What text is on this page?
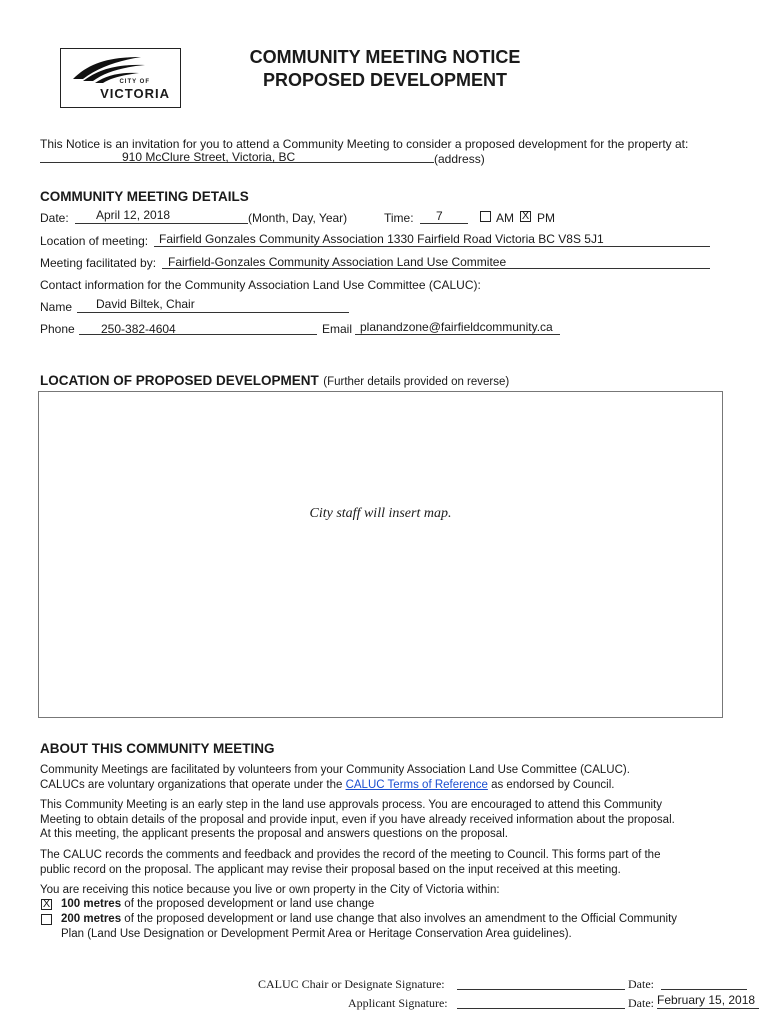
CITY OF
VICTORIA
COMMUNITY MEETING NOTICE
PROPOSED DEVELOPMENT
This Notice is an invitation for you to attend a Community Meeting to consider a proposed development for the property at:
910 McClure Street, Victoria, BC	(address)
COMMUNITY MEETING DETAILS
Date: April 12, 2018	(Month, Day, Year)	Time: 7	AM X PM
Location of meeting: Fairfield Gonzales Community Association 1330 Fairfield Road Victoria BC V8S 5J1
Meeting facilitated by: Fairfield-Gonzales Community Association Land Use Commitee
Contact information for the Community Association Land Use Committee (CALUC):
Name David Biltek, Chair
Phone 250-382-4604	Email planandzone@fairfieldcommunity.ca
LOCATION OF PROPOSED DEVELOPMENT (Further details provided on reverse)
City staff will insert map.
ABOUT THIS COMMUNITY MEETING
Community Meetings are facilitated by volunteers from your Community Association Land Use Committee (CALUC).
CALUCs are voluntary organizations that operate under the CALUC Terms of Reference as endorsed by Council.
This Community Meeting is an early step in the land use approvals process. You are encouraged to attend this Community
Meeting to obtain details of the proposal and provide input, even if you have already received information about the proposal.
At this meeting, the applicant presents the proposal and answers questions on the proposal.
The CALUC records the comments and feedback and provides the record of the meeting to Council. This forms part of the
public record on the proposal. The applicant may revise their proposal based on the input received at this meeting.
You are receiving this notice because you live or own property in the City of Victoria within:
X 100 metres of the proposed development or land use change
200 metres of the proposed development or land use change that also involves an amendment to the Official Community
Plan (Land Use Designation or Development Permit Area or Heritage Conservation Area guidelines).
CALUC Chair or Designate Signature:	Date:
Applicant Signature:	Date: February 15, 2018
